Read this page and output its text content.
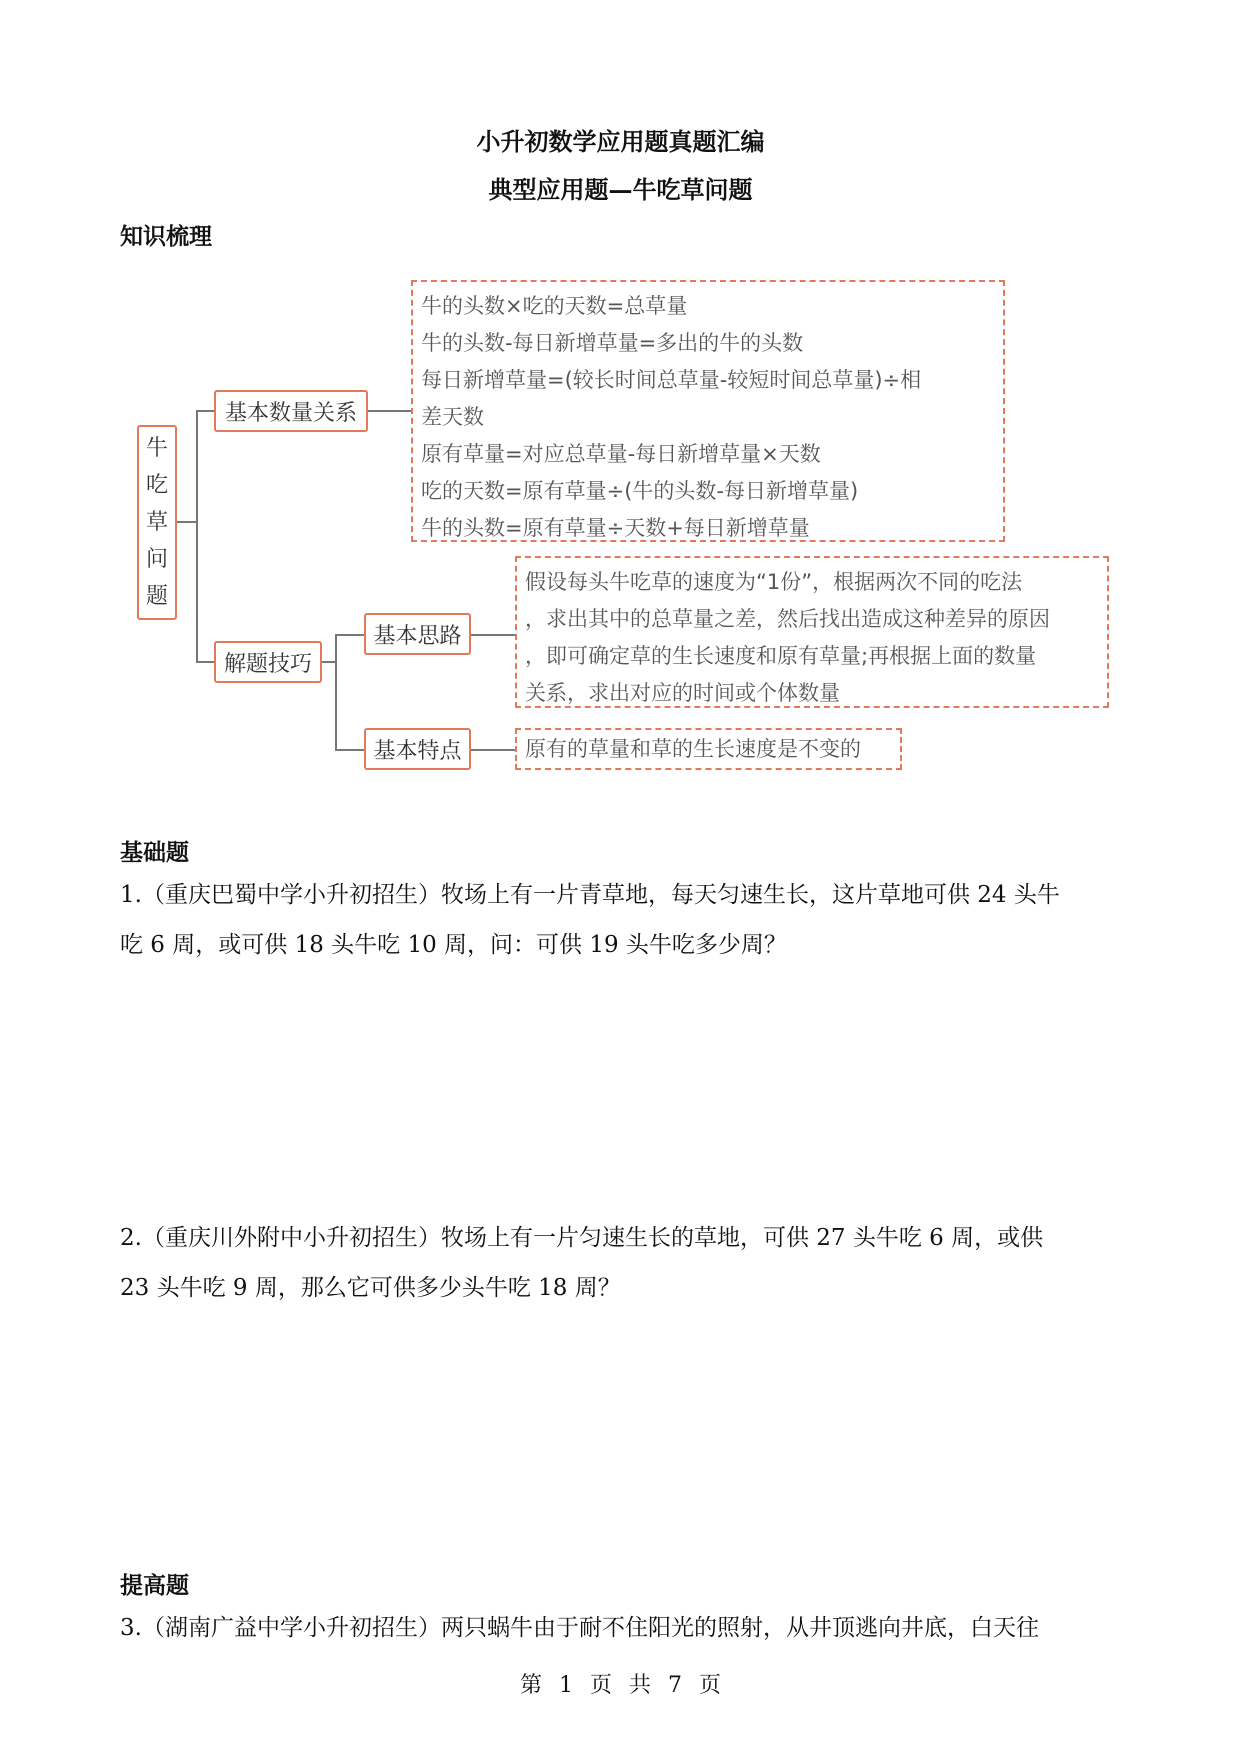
小升初数学应用题真题汇编
典型应用题—牛吃草问题
知识梳理
牛
吃
草
问
题
基本数量关系
牛的头数×吃的天数=总草量
牛的头数-每日新增草量=多出的牛的头数
每日新增草量=(较长时间总草量-较短时间总草量)÷相
差天数
原有草量=对应总草量-每日新增草量×天数
吃的天数=原有草量÷(牛的头数-每日新增草量)
牛的头数=原有草量÷天数+每日新增草量
解题技巧
基本思路
基本特点
假设每头牛吃草的速度为“1份”，根据两次不同的吃法
，求出其中的总草量之差，然后找出造成这种差异的原因
，即可确定草的生长速度和原有草量;再根据上面的数量
关系，求出对应的时间或个体数量
原有的草量和草的生长速度是不变的
基础题
1.（重庆巴蜀中学小升初招生）牧场上有一片青草地，每天匀速生长，这片草地可供 24 头牛
吃 6 周，或可供 18 头牛吃 10 周，问：可供 19 头牛吃多少周？
2.（重庆川外附中小升初招生）牧场上有一片匀速生长的草地，可供 27 头牛吃 6 周，或供
23 头牛吃 9 周，那么它可供多少头牛吃 18 周？
提高题
3.（湖南广益中学小升初招生）两只蜗牛由于耐不住阳光的照射，从井顶逃向井底，白天往
第 1 页 共 7 页
